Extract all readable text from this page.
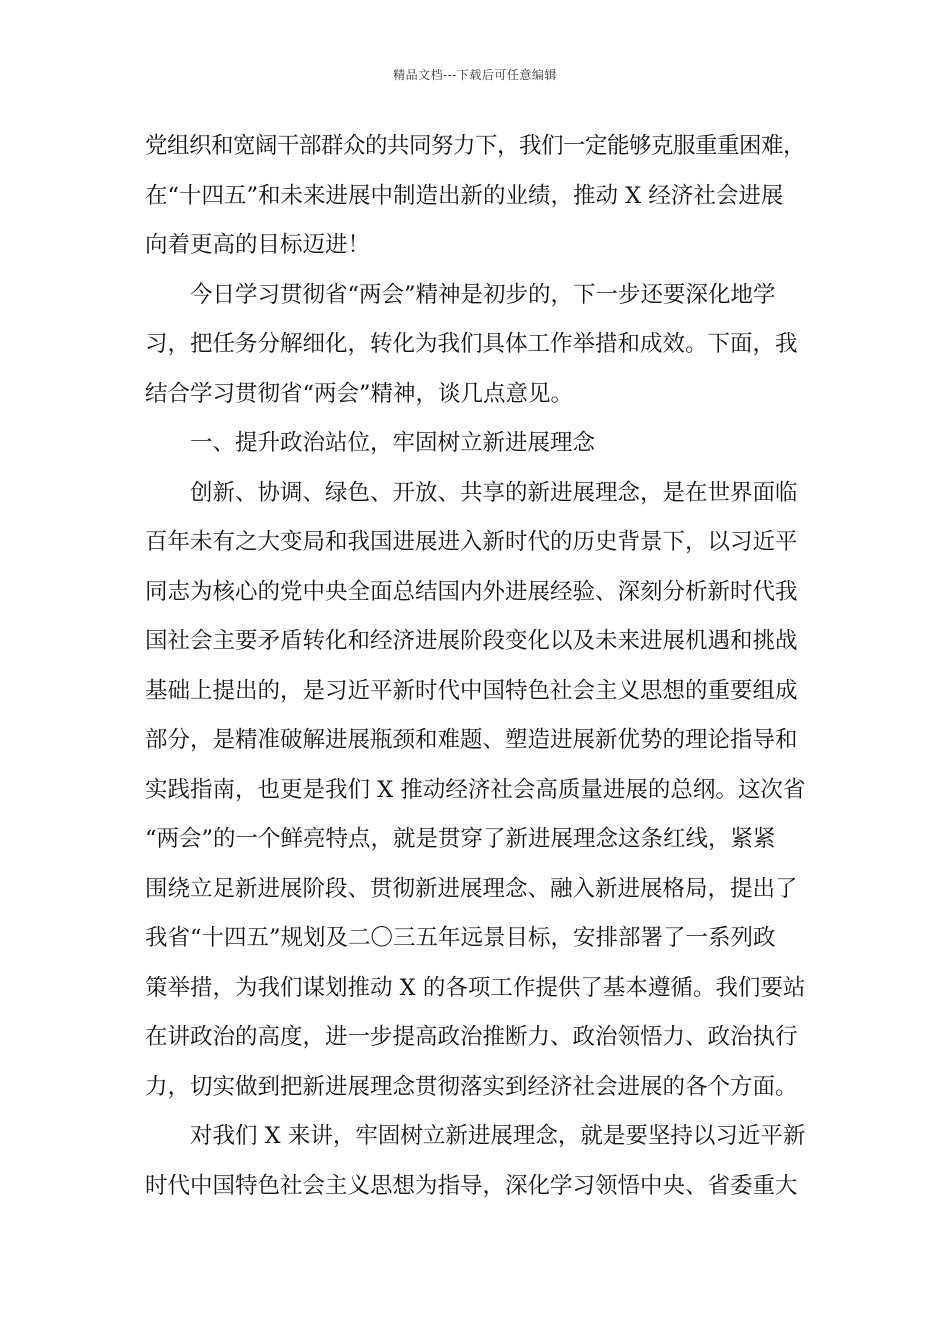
精品文档---下载后可任意编辑
党组织和宽阔干部群众的共同努力下，我们一定能够克服重重困难，
在“十四五”和未来进展中制造出新的业绩，推动 X 经济社会进展
向着更高的目标迈进！
今日学习贯彻省“两会”精神是初步的，下一步还要深化地学
习，把任务分解细化，转化为我们具体工作举措和成效。下面，我
结合学习贯彻省“两会”精神，谈几点意见。
一、提升政治站位，牢固树立新进展理念
创新、协调、绿色、开放、共享的新进展理念，是在世界面临
百年未有之大变局和我国进展进入新时代的历史背景下，以习近平
同志为核心的党中央全面总结国内外进展经验、深刻分析新时代我
国社会主要矛盾转化和经济进展阶段变化以及未来进展机遇和挑战
基础上提出的，是习近平新时代中国特色社会主义思想的重要组成
部分，是精准破解进展瓶颈和难题、塑造进展新优势的理论指导和
实践指南，也更是我们 X 推动经济社会高质量进展的总纲。这次省
“两会”的一个鲜亮特点，就是贯穿了新进展理念这条红线，紧紧
围绕立足新进展阶段、贯彻新进展理念、融入新进展格局，提出了
我省“十四五”规划及二〇三五年远景目标，安排部署了一系列政
策举措，为我们谋划推动 X 的各项工作提供了基本遵循。我们要站
在讲政治的高度，进一步提高政治推断力、政治领悟力、政治执行
力，切实做到把新进展理念贯彻落实到经济社会进展的各个方面。
对我们 X 来讲，牢固树立新进展理念，就是要坚持以习近平新
时代中国特色社会主义思想为指导，深化学习领悟中央、省委重大
